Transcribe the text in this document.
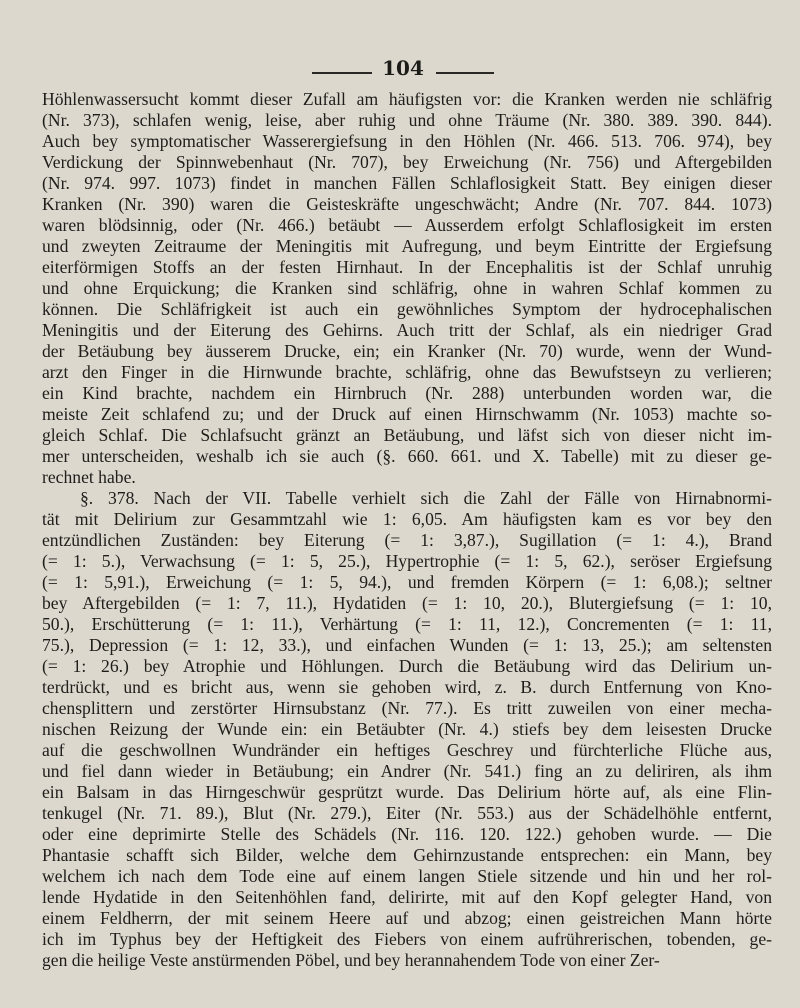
104
Höhlenwassersucht kommt dieser Zufall am häufigsten vor: die Kranken werden nie schläfrig
(Nr. 373), schlafen wenig, leise, aber ruhig und ohne Träume (Nr. 380. 389. 390. 844).
Auch bey symptomatischer Wasserergiefsung in den Höhlen (Nr. 466. 513. 706. 974), bey
Verdickung der Spinnwebenhaut (Nr. 707), bey Erweichung (Nr. 756) und Aftergebilden
(Nr. 974. 997. 1073) findet in manchen Fällen Schlaflosigkeit Statt. Bey einigen dieser
Kranken (Nr. 390) waren die Geisteskräfte ungeschwächt; Andre (Nr. 707. 844. 1073)
waren blödsinnig, oder (Nr. 466.) betäubt — Ausserdem erfolgt Schlaflosigkeit im ersten
und zweyten Zeitraume der Meningitis mit Aufregung, und beym Eintritte der Ergiefsung
eiterförmigen Stoffs an der festen Hirnhaut. In der Encephalitis ist der Schlaf unruhig
und ohne Erquickung; die Kranken sind schläfrig, ohne in wahren Schlaf kommen zu
können. Die Schläfrigkeit ist auch ein gewöhnliches Symptom der hydrocephalischen
Meningitis und der Eiterung des Gehirns. Auch tritt der Schlaf, als ein niedriger Grad
der Betäubung bey äusserem Drucke, ein; ein Kranker (Nr. 70) wurde, wenn der Wund-
arzt den Finger in die Hirnwunde brachte, schläfrig, ohne das Bewufstseyn zu verlieren;
ein Kind brachte, nachdem ein Hirnbruch (Nr. 288) unterbunden worden war, die
meiste Zeit schlafend zu; und der Druck auf einen Hirnschwamm (Nr. 1053) machte so-
gleich Schlaf. Die Schlafsucht gränzt an Betäubung, und läfst sich von dieser nicht im-
mer unterscheiden, weshalb ich sie auch (§. 660. 661. und X. Tabelle) mit zu dieser ge-
rechnet habe.
§. 378. Nach der VII. Tabelle verhielt sich die Zahl der Fälle von Hirnabnormi-
tät mit Delirium zur Gesammtzahl wie 1: 6,05. Am häufigsten kam es vor bey den
entzündlichen Zuständen: bey Eiterung (= 1: 3,87.), Sugillation (= 1: 4.), Brand
(= 1: 5.), Verwachsung (= 1: 5, 25.), Hypertrophie (= 1: 5, 62.), seröser Ergiefsung
(= 1: 5,91.), Erweichung (= 1: 5, 94.), und fremden Körpern (= 1: 6,08.); seltner
bey Aftergebilden (= 1: 7, 11.), Hydatiden (= 1: 10, 20.), Blutergiefsung (= 1: 10,
50.), Erschütterung (= 1: 11.), Verhärtung (= 1: 11, 12.), Concrementen (= 1: 11,
75.), Depression (= 1: 12, 33.), und einfachen Wunden (= 1: 13, 25.); am seltensten
(= 1: 26.) bey Atrophie und Höhlungen. Durch die Betäubung wird das Delirium un-
terdrückt, und es bricht aus, wenn sie gehoben wird, z. B. durch Entfernung von Kno-
chensplittern und zerstörter Hirnsubstanz (Nr. 77.). Es tritt zuweilen von einer mecha-
nischen Reizung der Wunde ein: ein Betäubter (Nr. 4.) stiefs bey dem leisesten Drucke
auf die geschwollnen Wundränder ein heftiges Geschrey und fürchterliche Flüche aus,
und fiel dann wieder in Betäubung; ein Andrer (Nr. 541.) fing an zu deliriren, als ihm
ein Balsam in das Hirngeschwür gesprützt wurde. Das Delirium hörte auf, als eine Flin-
tenkugel (Nr. 71. 89.), Blut (Nr. 279.), Eiter (Nr. 553.) aus der Schädelhöhle entfernt,
oder eine deprimirte Stelle des Schädels (Nr. 116. 120. 122.) gehoben wurde. — Die
Phantasie schafft sich Bilder, welche dem Gehirnzustande entsprechen: ein Mann, bey
welchem ich nach dem Tode eine auf einem langen Stiele sitzende und hin und her rol-
lende Hydatide in den Seitenhöhlen fand, delirirte, mit auf den Kopf gelegter Hand, von
einem Feldherrn, der mit seinem Heere auf und abzog; einen geistreichen Mann hörte
ich im Typhus bey der Heftigkeit des Fiebers von einem aufrührerischen, tobenden, ge-
gen die heilige Veste anstürmenden Pöbel, und bey herannahendem Tode von einer Zer-
